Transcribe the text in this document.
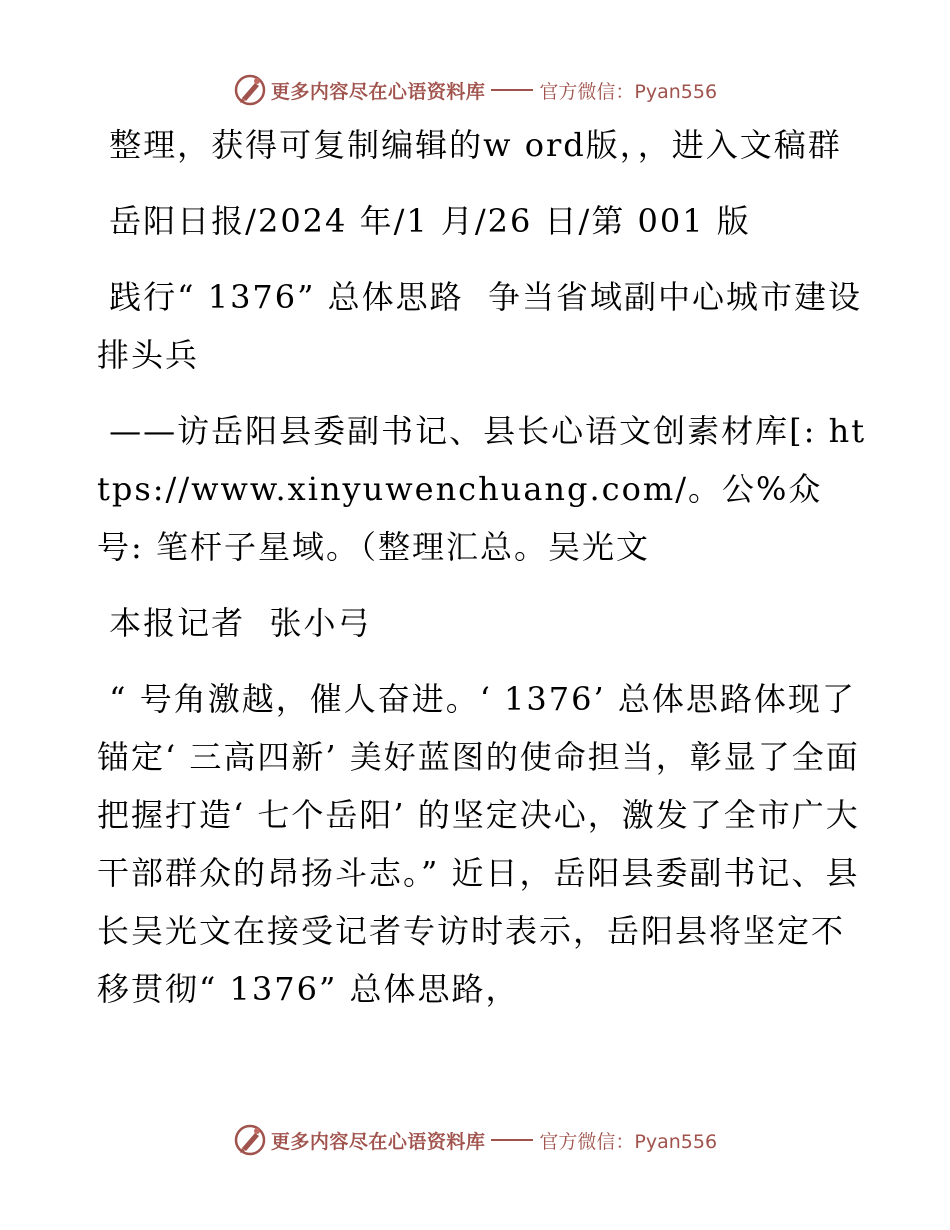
更多内容尽在心语资料库	官方微信：Pyan556

整理，获得可复制编辑的w ord版，，进入文稿群

岳阳日报/2024 年/1 月/26 日/第 001 版

践行“ 1376” 总体思路  争当省域副中心城市建设排头兵

——访岳阳县委副书记、县长心语文创素材库[: https://www.xinyuwenchuang.com/。公%众号: 笔杆子星域。（整理汇总。吴光文

本报记者  张小弓

“ 号角激越，催人奋进。‘ 1376’ 总体思路体现了锚定‘ 三高四新’ 美好蓝图的使命担当，彰显了全面把握打造‘ 七个岳阳’ 的坚定决心，激发了全市广大干部群众的昂扬斗志。” 近日，岳阳县委副书记、县长吴光文在接受记者专访时表示，岳阳县将坚定不移贯彻“ 1376” 总体思路，

更多内容尽在心语资料库	官方微信：Pyan556
